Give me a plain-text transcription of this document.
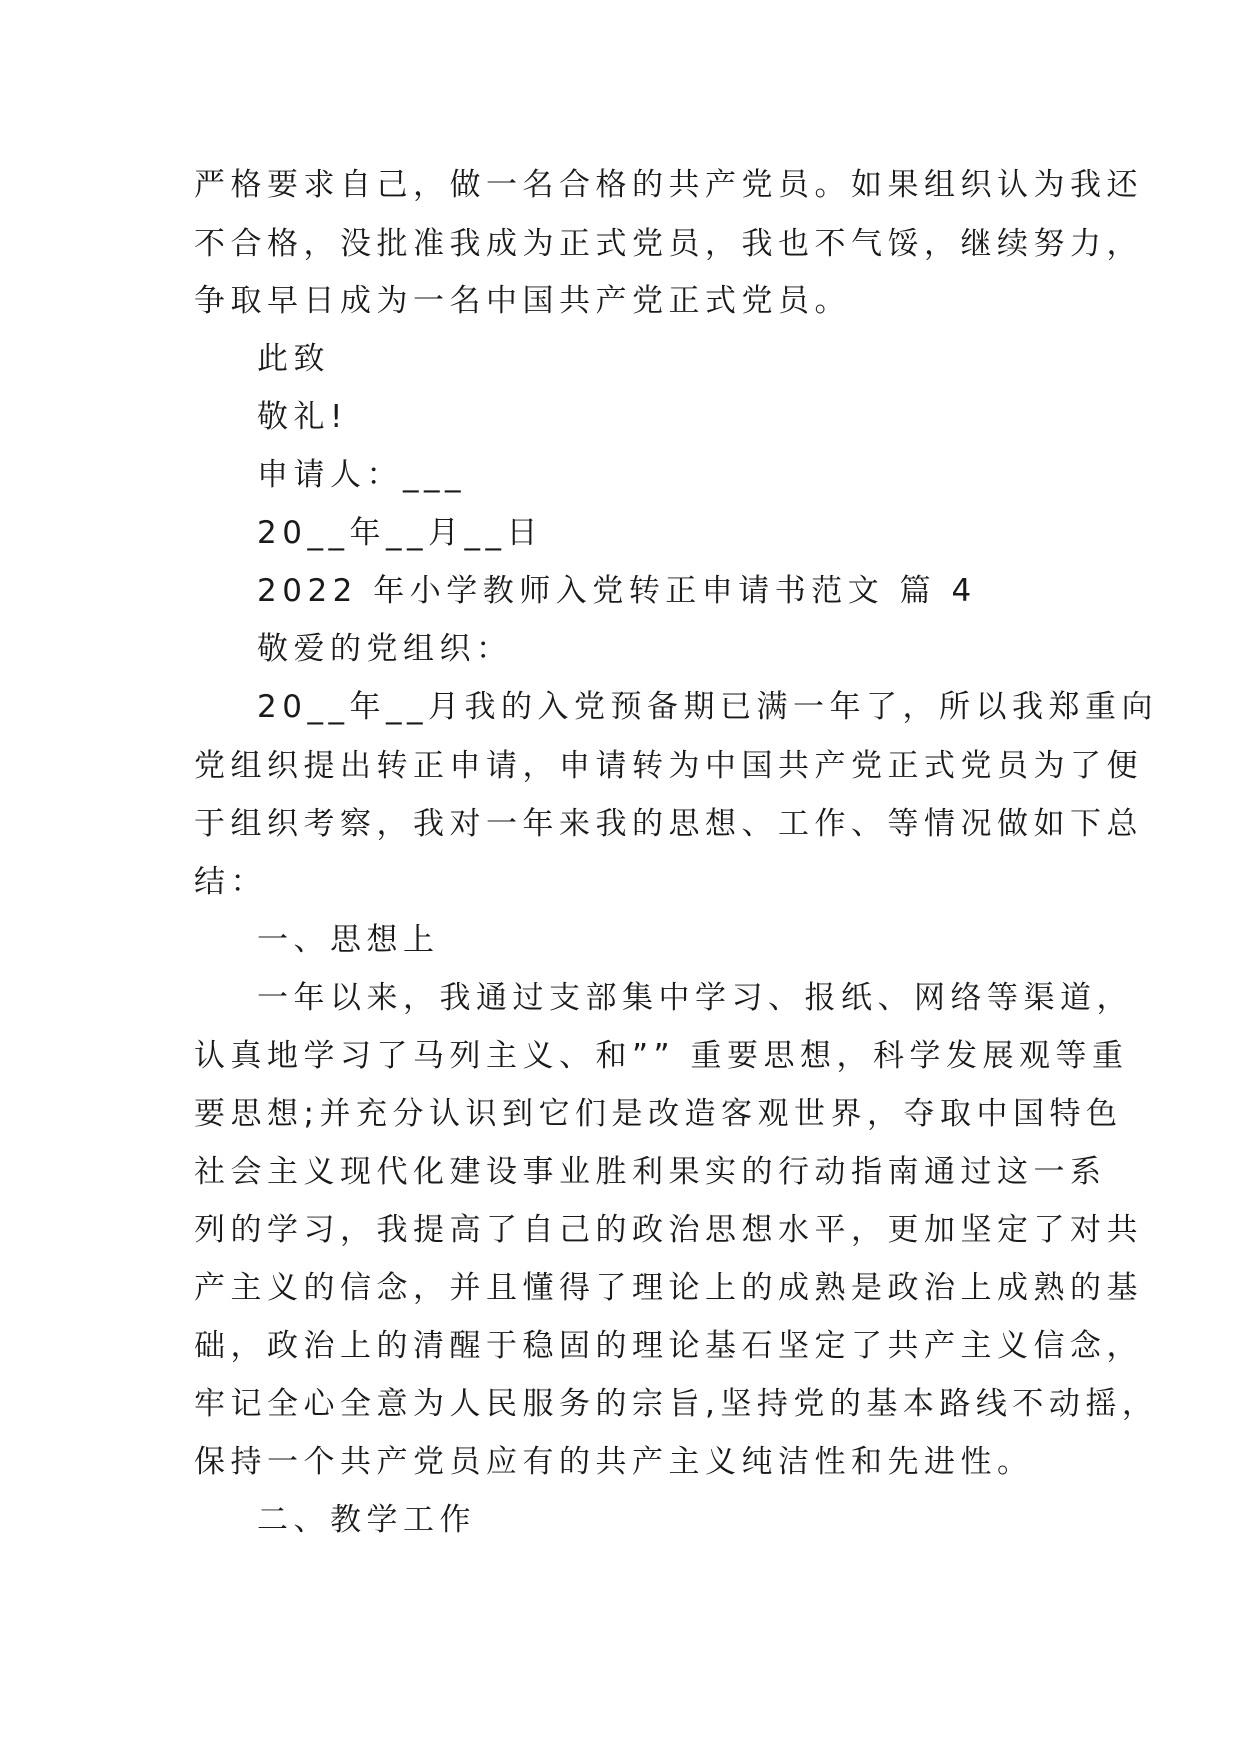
严格要求自己，做一名合格的共产党员。如果组织认为我还
不合格，没批准我成为正式党员，我也不气馁，继续努力，
争取早日成为一名中国共产党正式党员。
此致
敬礼!
申请人：___
20__年__月__日
2022 年小学教师入党转正申请书范文 篇 4
敬爱的党组织：
20__年__月我的入党预备期已满一年了，所以我郑重向
党组织提出转正申请，申请转为中国共产党正式党员为了便
于组织考察，我对一年来我的思想、工作、等情况做如下总
结：
一、思想上
一年以来，我通过支部集中学习、报纸、网络等渠道，
认真地学习了马列主义、和”” 重要思想，科学发展观等重
要思想;并充分认识到它们是改造客观世界，夺取中国特色
社会主义现代化建设事业胜利果实的行动指南通过这一系
列的学习，我提高了自己的政治思想水平，更加坚定了对共
产主义的信念，并且懂得了理论上的成熟是政治上成熟的基
础，政治上的清醒于稳固的理论基石坚定了共产主义信念，
牢记全心全意为人民服务的宗旨,坚持党的基本路线不动摇，
保持一个共产党员应有的共产主义纯洁性和先进性。
二、教学工作
